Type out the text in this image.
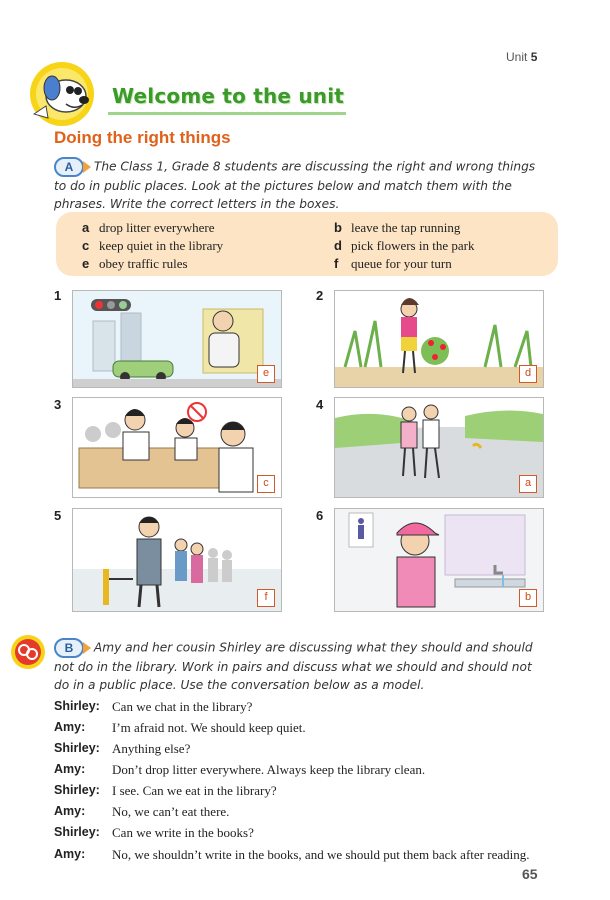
Unit 5
Welcome to the unit
Doing the right things
A The Class 1, Grade 8 students are discussing the right and wrong things to do in public places. Look at the pictures below and match them with the phrases. Write the correct letters in the boxes.
a drop litter everywhere	b leave the tap running
c keep quiet in the library	d pick flowers in the park
e obey traffic rules	f queue for your turn
1	2
3	4
5	6
e	d
c	a
f	b
B Amy and her cousin Shirley are discussing what they should and should not do in the library. Work in pairs and discuss what we should and should not do in a public place. Use the conversation below as a model.
Shirley: Can we chat in the library?
Amy:	I’m afraid not. We should keep quiet.
Shirley: Anything else?
Amy:	Don’t drop litter everywhere. Always keep the library clean.
Shirley: I see. Can we eat in the library?
Amy:	No, we can’t eat there.
Shirley: Can we write in the books?
Amy:	No, we shouldn’t write in the books, and we should put them back after reading.
65
